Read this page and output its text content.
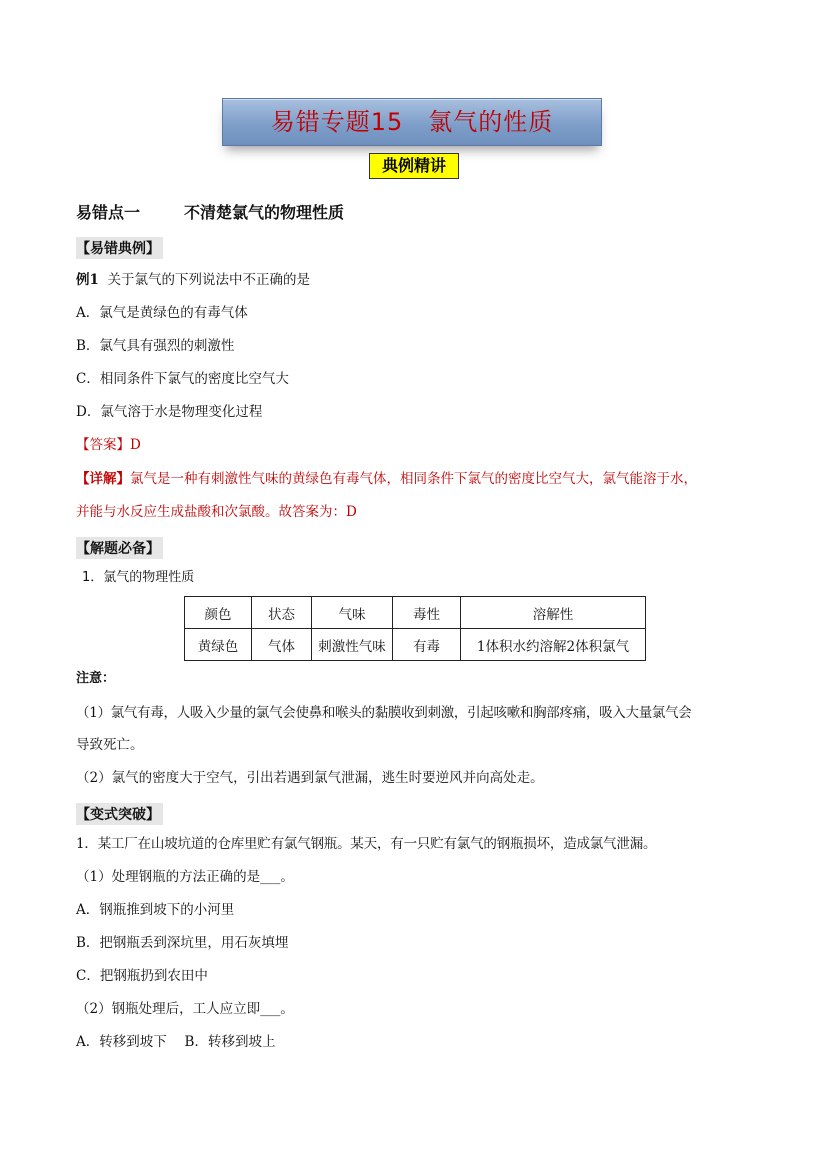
易错专题15　氯气的性质
典例精讲
易错点一	不清楚氯气的物理性质
【易错典例】
例1 关于氯气的下列说法中不正确的是
A．氯气是黄绿色的有毒气体
B．氯气具有强烈的刺激性
C．相同条件下氯气的密度比空气大
D．氯气溶于水是物理变化过程
【答案】D
【详解】氯气是一种有刺激性气味的黄绿色有毒气体，相同条件下氯气的密度比空气大，氯气能溶于水，
并能与水反应生成盐酸和次氯酸。故答案为：D
【解题必备】
1．氯气的物理性质
颜色	状态	气味	毒性	溶解性
黄绿色	气体	刺激性气味	有毒	1体积水约溶解2体积氯气
注意：
（1）氯气有毒，人吸入少量的氯气会使鼻和喉头的黏膜收到刺激，引起咳嗽和胸部疼痛，吸入大量氯气会
导致死亡。
（2）氯气的密度大于空气，引出若遇到氯气泄漏，逃生时要逆风并向高处走。
【变式突破】
1．某工厂在山坡坑道的仓库里贮有氯气钢瓶。某天，有一只贮有氯气的钢瓶损坏，造成氯气泄漏。
（1）处理钢瓶的方法正确的是___。
A．钢瓶推到坡下的小河里
B．把钢瓶丢到深坑里，用石灰填埋
C．把钢瓶扔到农田中
（2）钢瓶处理后，工人应立即___。
A．转移到坡下　 B．转移到坡上
